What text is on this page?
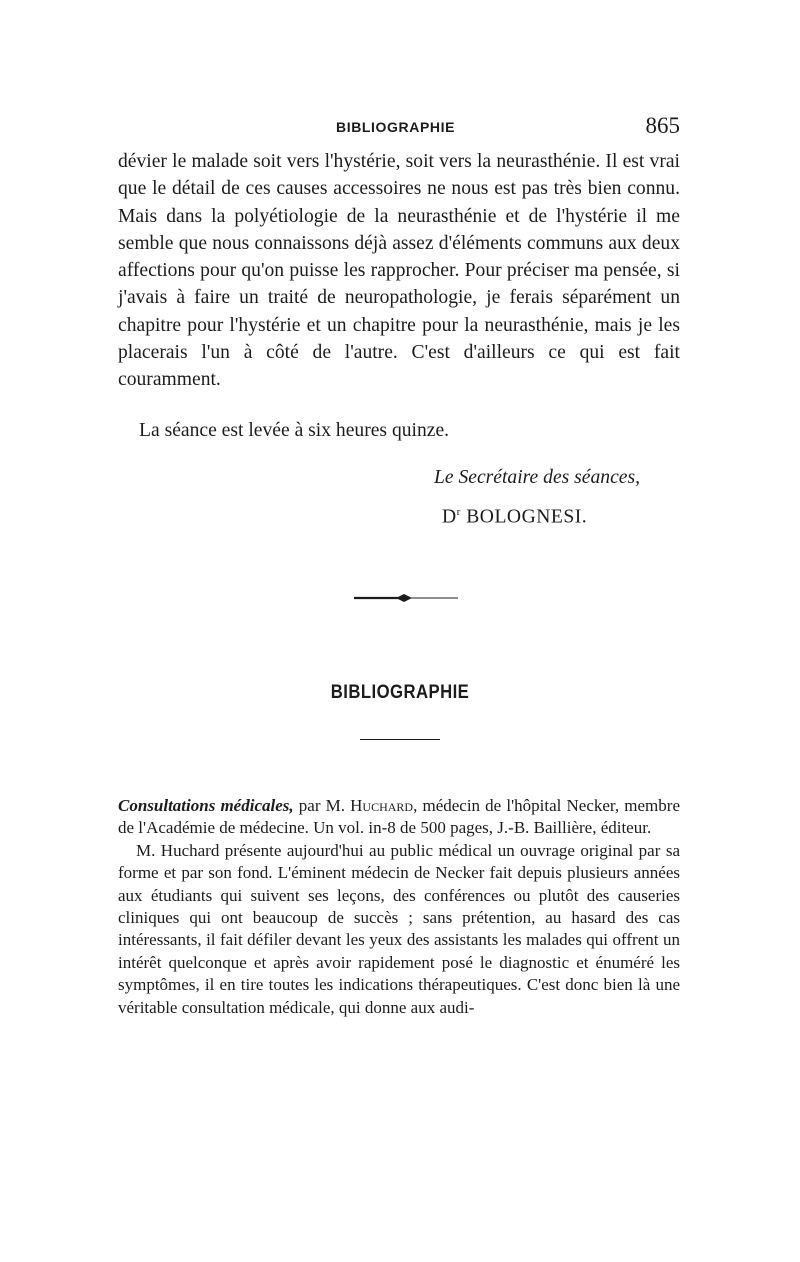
BIBLIOGRAPHIE	865

dévier le malade soit vers l'hystérie, soit vers la neurasthénie. Il est vrai que le détail de ces causes accessoires ne nous est pas très bien connu. Mais dans la polyétiologie de la neurasthénie et de l'hystérie il me semble que nous connaissons déjà assez d'éléments communs aux deux affections pour qu'on puisse les rapprocher. Pour préciser ma pensée, si j'avais à faire un traité de neuropathologie, je ferais séparément un chapitre pour l'hystérie et un chapitre pour la neurasthénie, mais je les placerais l'un à côté de l'autre. C'est d'ailleurs ce qui est fait couramment.

La séance est levée à six heures quinze.
Le Secrétaire des séances,
$D^r$ BOLOGNESI.
BIBLIOGRAPHIE

Consultations médicales, par M. Huchard, médecin de l'hôpital Necker, membre de l'Académie de médecine. Un vol. in-8 de 500 pages, J.-B. Baillière, éditeur.

M. Huchard présente aujourd'hui au public médical un ouvrage original par sa forme et par son fond. L'éminent médecin de Necker fait depuis plusieurs années aux étudiants qui suivent ses leçons, des conférences ou plutôt des causeries cliniques qui ont beaucoup de succès ; sans prétention, au hasard des cas intéressants, il fait défiler devant les yeux des assistants les malades qui offrent un intérêt quelconque et après avoir rapidement posé le diagnostic et énuméré les symptômes, il en tire toutes les indications thérapeutiques. C'est donc bien là une véritable consultation médicale, qui donne aux audi-
